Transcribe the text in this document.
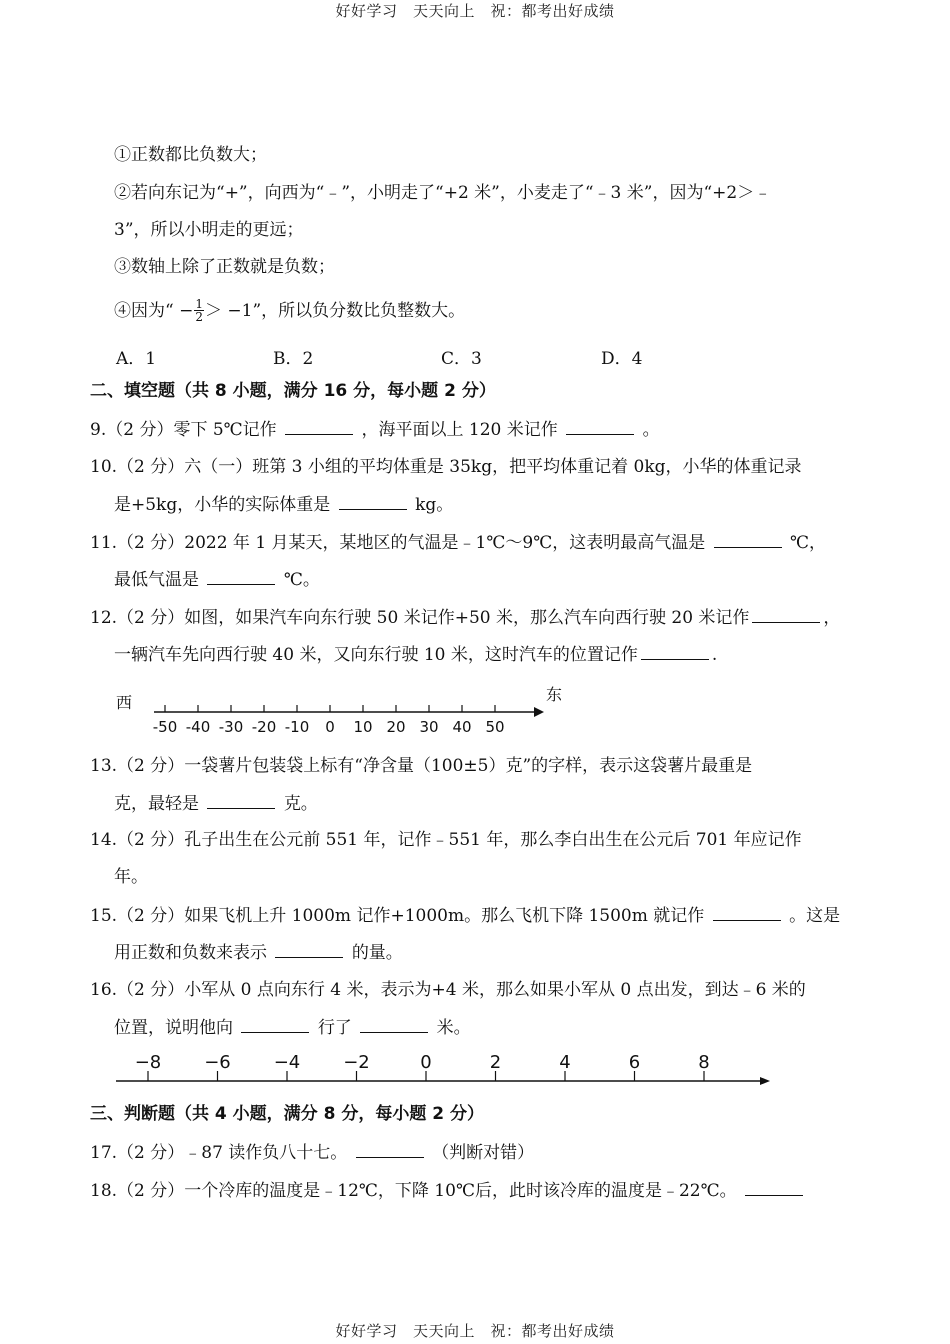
好好学习　天天向上　祝：都考出好成绩
①正数都比负数大；
②若向东记为“+”，向西为“﹣”，小明走了“+2 米”，小麦走了“﹣3 米”，因为“+2＞﹣
3”，所以小明走的更远；
③数轴上除了正数就是负数；
④因为“ − $\frac{1}{2} > -1$”，所以负分数比负整数大。
A．1	B．2	C．3	D．4
二、填空题（共 8 小题，满分 16 分，每小题 2 分）
9.（2 分）零下 5℃记作	，海平面以上 120 米记作	。
10.（2 分）六（一）班第 3 小组的平均体重是 35kg，把平均体重记着 0kg，小华的体重记录
是+5kg，小华的实际体重是	kg。
11.（2 分）2022 年 1 月某天，某地区的气温是﹣1℃～9℃，这表明最高气温是	℃，
最低气温是	℃。
12.（2 分）如图，如果汽车向东行驶 50 米记作+50 米，那么汽车向西行驶 20 米记作	，
一辆汽车先向西行驶 40 米，又向东行驶 10 米，这时汽车的位置记作	.
西	东
-50 -40 -30 -20 -10 0 10 20 30 40 50
13.（2 分）一袋薯片包装袋上标有“净含量（100±5）克”的字样，表示这袋薯片最重是
克，最轻是	克。
14.（2 分）孔子出生在公元前 551 年，记作﹣551 年，那么李白出生在公元后 701 年应记作
年。
15.（2 分）如果飞机上升 1000m 记作+1000m。那么飞机下降 1500m 就记作	。这是
用正数和负数来表示	的量。
16.（2 分）小军从 0 点向东行 4 米，表示为+4 米，那么如果小军从 0 点出发，到达﹣6 米的
位置，说明他向	行了	米。
−8 −6 −4 −2	0	2	4	6	8
三、判断题（共 4 小题，满分 8 分，每小题 2 分）
17.（2 分）﹣87 读作负八十七。	（判断对错）
18.（2 分）一个冷库的温度是﹣12℃，下降 10℃后，此时该冷库的温度是﹣22℃。
好好学习　天天向上　祝：都考出好成绩
